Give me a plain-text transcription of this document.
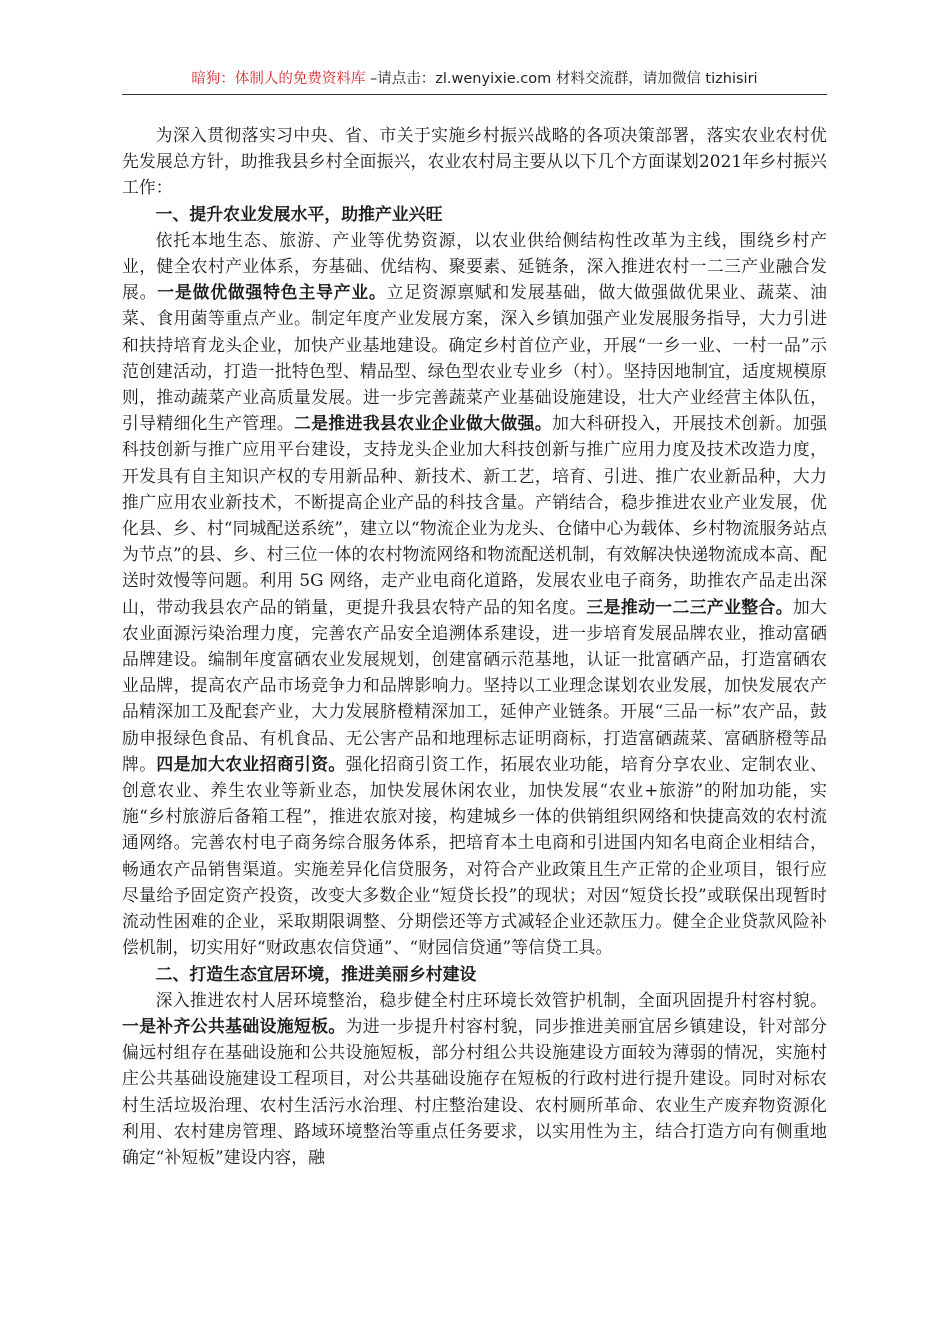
暗狗：体制人的免费资料库 –请点击：zl.wenyixie.com 材料交流群，请加微信 tizhisiri

为深入贯彻落实习中央、省、市关于实施乡村振兴战略的各项决策部署，落实农业农村优先发展总方针，助推我县乡村全面振兴，农业农村局主要从以下几个方面谋划2021年乡村振兴工作：

一、提升农业发展水平，助推产业兴旺

依托本地生态、旅游、产业等优势资源，以农业供给侧结构性改革为主线，围绕乡村产业，健全农村产业体系，夯基础、优结构、聚要素、延链条，深入推进农村一二三产业融合发展。一是做优做强特色主导产业。立足资源禀赋和发展基础，做大做强做优果业、蔬菜、油菜、食用菌等重点产业。制定年度产业发展方案，深入乡镇加强产业发展服务指导，大力引进和扶持培育龙头企业，加快产业基地建设。确定乡村首位产业，开展“一乡一业、一村一品”示范创建活动，打造一批特色型、精品型、绿色型农业专业乡（村）。坚持因地制宜，适度规模原则，推动蔬菜产业高质量发展。进一步完善蔬菜产业基础设施建设，壮大产业经营主体队伍，引导精细化生产管理。二是推进我县农业企业做大做强。加大科研投入，开展技术创新。加强科技创新与推广应用平台建设，支持龙头企业加大科技创新与推广应用力度及技术改造力度，开发具有自主知识产权的专用新品种、新技术、新工艺，培育、引进、推广农业新品种，大力推广应用农业新技术，不断提高企业产品的科技含量。产销结合，稳步推进农业产业发展，优化县、乡、村“同城配送系统”，建立以“物流企业为龙头、仓储中心为载体、乡村物流服务站点为节点”的县、乡、村三位一体的农村物流网络和物流配送机制，有效解决快递物流成本高、配送时效慢等问题。利用 5G 网络，走产业电商化道路，发展农业电子商务，助推农产品走出深山，带动我县农产品的销量，更提升我县农特产品的知名度。三是推动一二三产业整合。加大农业面源污染治理力度，完善农产品安全追溯体系建设，进一步培育发展品牌农业，推动富硒品牌建设。编制年度富硒农业发展规划，创建富硒示范基地，认证一批富硒产品，打造富硒农业品牌，提高农产品市场竞争力和品牌影响力。坚持以工业理念谋划农业发展，加快发展农产品精深加工及配套产业，大力发展脐橙精深加工，延伸产业链条。开展“三品一标”农产品，鼓励申报绿色食品、有机食品、无公害产品和地理标志证明商标，打造富硒蔬菜、富硒脐橙等品牌。四是加大农业招商引资。强化招商引资工作，拓展农业功能，培育分享农业、定制农业、创意农业、养生农业等新业态，加快发展休闲农业，加快发展“农业+旅游”的附加功能，实施“乡村旅游后备箱工程”，推进农旅对接，构建城乡一体的供销组织网络和快捷高效的农村流通网络。完善农村电子商务综合服务体系，把培育本土电商和引进国内知名电商企业相结合，畅通农产品销售渠道。实施差异化信贷服务，对符合产业政策且生产正常的企业项目，银行应尽量给予固定资产投资，改变大多数企业“短贷长投”的现状；对因“短贷长投”或联保出现暂时流动性困难的企业，采取期限调整、分期偿还等方式减轻企业还款压力。健全企业贷款风险补偿机制，切实用好“财政惠农信贷通”、“财园信贷通”等信贷工具。

二、打造生态宜居环境，推进美丽乡村建设

深入推进农村人居环境整治，稳步健全村庄环境长效管护机制，全面巩固提升村容村貌。一是补齐公共基础设施短板。为进一步提升村容村貌，同步推进美丽宜居乡镇建设，针对部分偏远村组存在基础设施和公共设施短板，部分村组公共设施建设方面较为薄弱的情况，实施村庄公共基础设施建设工程项目，对公共基础设施存在短板的行政村进行提升建设。同时对标农村生活垃圾治理、农村生活污水治理、村庄整治建设、农村厕所革命、农业生产废弃物资源化利用、农村建房管理、路域环境整治等重点任务要求，以实用性为主，结合打造方向有侧重地确定“补短板”建设内容，融
